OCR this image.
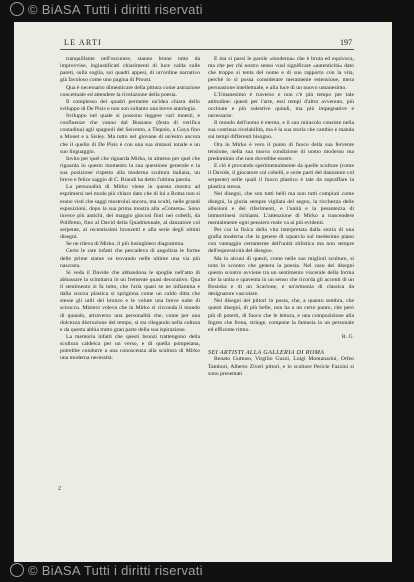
© BiASA Tutti i diritti riservati
LE ARTI	197

tranquillante nell'oscurare, stanno brune tutto da improvvise, ingiustificati chiarimenti di luce calda sulle pareti, sulla soglia, sui quadri appesi, di un'ordine narrativo già favoloso come uno pagina di Proust.

Qua è necessario dimenticare della pittura come astrazione concettuale ed attendere la rivelazione della poesia.

Il complesso dei quadri permette un'idea chiara dello sviluppo di De Pisis e non son soltanto una breve antologia.

Sviluppo nel quale si possono leggere vari innesti, e confluenze che vanno dal Bussano (festa di verifica contadina) agli spagnoli del Seicento, a Tiepolo, a Goya fino a Monet e a Sisley. Ma tutto nel giovane di un'estro ancora che il quello di De Pisis è con una sua sintassi tonale e un suo linguaggio.

Invito per quel che riguarda Mirko, in almeno per quel che riguarda in questo momento la sua questione generale e la sua posizione rispetto alla moderna scultura italiana, un breve e felice saggio di C. Brandi ha detto l'ultima parola.

La personalità di Mirko viene in questa mostra ad esprimersi nel modo più chiaro dato che di lui a Roma non si erano visti che saggi mostrolui ancora, ma sculti, nelle grandi esposizioni, dopo la sua prima mostra alla «Cometa». Sono invece più antichi, dei maggio giocosi fiori nei cobelli, da Polifemo, fino al David della Quadriennale, al danzatore col serpente, ai recentissimi bronzetti e alla serie degli ultimi disegni.

Se ne rileva di Mirko, il più lusinghiero diagramma.

Certo le rare infatti che percadeva di angolista le forme delle prime statue va trovando nelle ultime una via più nascosta.

Si veda il Davide che abbandona le spoglie nell'atto di abbassare la scimitarra in un fremente quasi decorativo. Qua il sentimento si fa tutto, che l'aria quasi se ne infiamma e dalla scorza plastica si sprigiona come un caldo ditta che stesse gli utili del bronzo e le volute una breve nube di scirocco. Mistero voleva che in Mirko si circonda il mondo di quando, attraverso una personalità che, come per una dolcezza distruzione del tempo, si sta rilegando nella cultura e da questa abbia tratto gran parte della sua ispirazione.

La memoria infatti che questi bronzi trattengono della scultura caldeica per un verso, e di quella pompeiana, potrebbe condurre a una conoscenza alla scultura di Mirko una moderna necessità.

E ma si passi le parole «moderna» che è bruta ed equivoca, ma che per chi nostro senso vuol significare «autenticità» dato che troppo si tenta del nome e di suo rapporto con la vita, perché lo si possa considerare meramente estensione, mera persuasione intellettuale, e alla luce di un nuovo umanesimo.

L'Umanesimo è traverso e non c'è più tempo per tale attitudine: questi per l'arte, essi tempi d'altro avvenuto, più occhiute e più solestive quindi, ma più impegnative e necessarie.

Il mondo dell'uomo è eterno, e il suo miracolo consiste nella sua continua rivelabilità, ma è la sua storia che cambio e manda sui tempi differenti bisogno.

Ora in Mirko è vero il punto di fuoco della sua fervente tensione, nella sua nuova condizione di uomo moderno ma predominio che non dovrebbe essere.

E ciò è provando sperimentalmente da quelle sculture (come il Davide, il giocatore col cobelli, e certe parti del danzatore col serpente) nelle quali il fuoco plastico è tale da sopraffare la plastica stessa.

Nei disegni, che son tutti belli ma non tutti compiuti come disegni, la giuria sempre vigilata del segno, la ricchezza delle allusioni e dei riferimenti, e l'unità e la pesantezza di immortinesi richiami. L'attenzione di Mirko a trascendere mentalmente ogni pensiero reale va ai più evidenti.

Per cui la fisica della vita interpretata dalla storia di una grafia moderna che la genere di squarcio sul medesimo piano con vantaggio certamente dell'unità stilistica ma non sempre dell'espressività del disegno.

Ma in alcuni di questi, come nelle sue migliori sculture, si nota lo scontro che genera la poesia. Nel caso dei disegni questo scontro avviene tra un sentimento viscerale della forma che la unita e spaventa in un senso che ricorda gli accenti di un Bosioka e di un Scarione, e un'armonia di classica da designatore vascolare.

Nei disegni dei pittori in posta, che, a quanto sembra, che questi disegni, di più belle, non ha a un certo punto, che però più di poterti, di fuoco che le lettura, e una composizione alla Ingres che frena, stringe, compone la fantasia in un personale ed efficente ritmo.

R. G.

SEI ARTISTI ALLA GALLERIA DI ROMA

Renato Guttuso, Virgilio Guzzi, Luigi Montanarini, Orfeo Tamburi, Alberto Ziveri pittori, e lo scultore Pericle Fazzini si sono presentati

2
© BiASA Tutti i diritti riservati
